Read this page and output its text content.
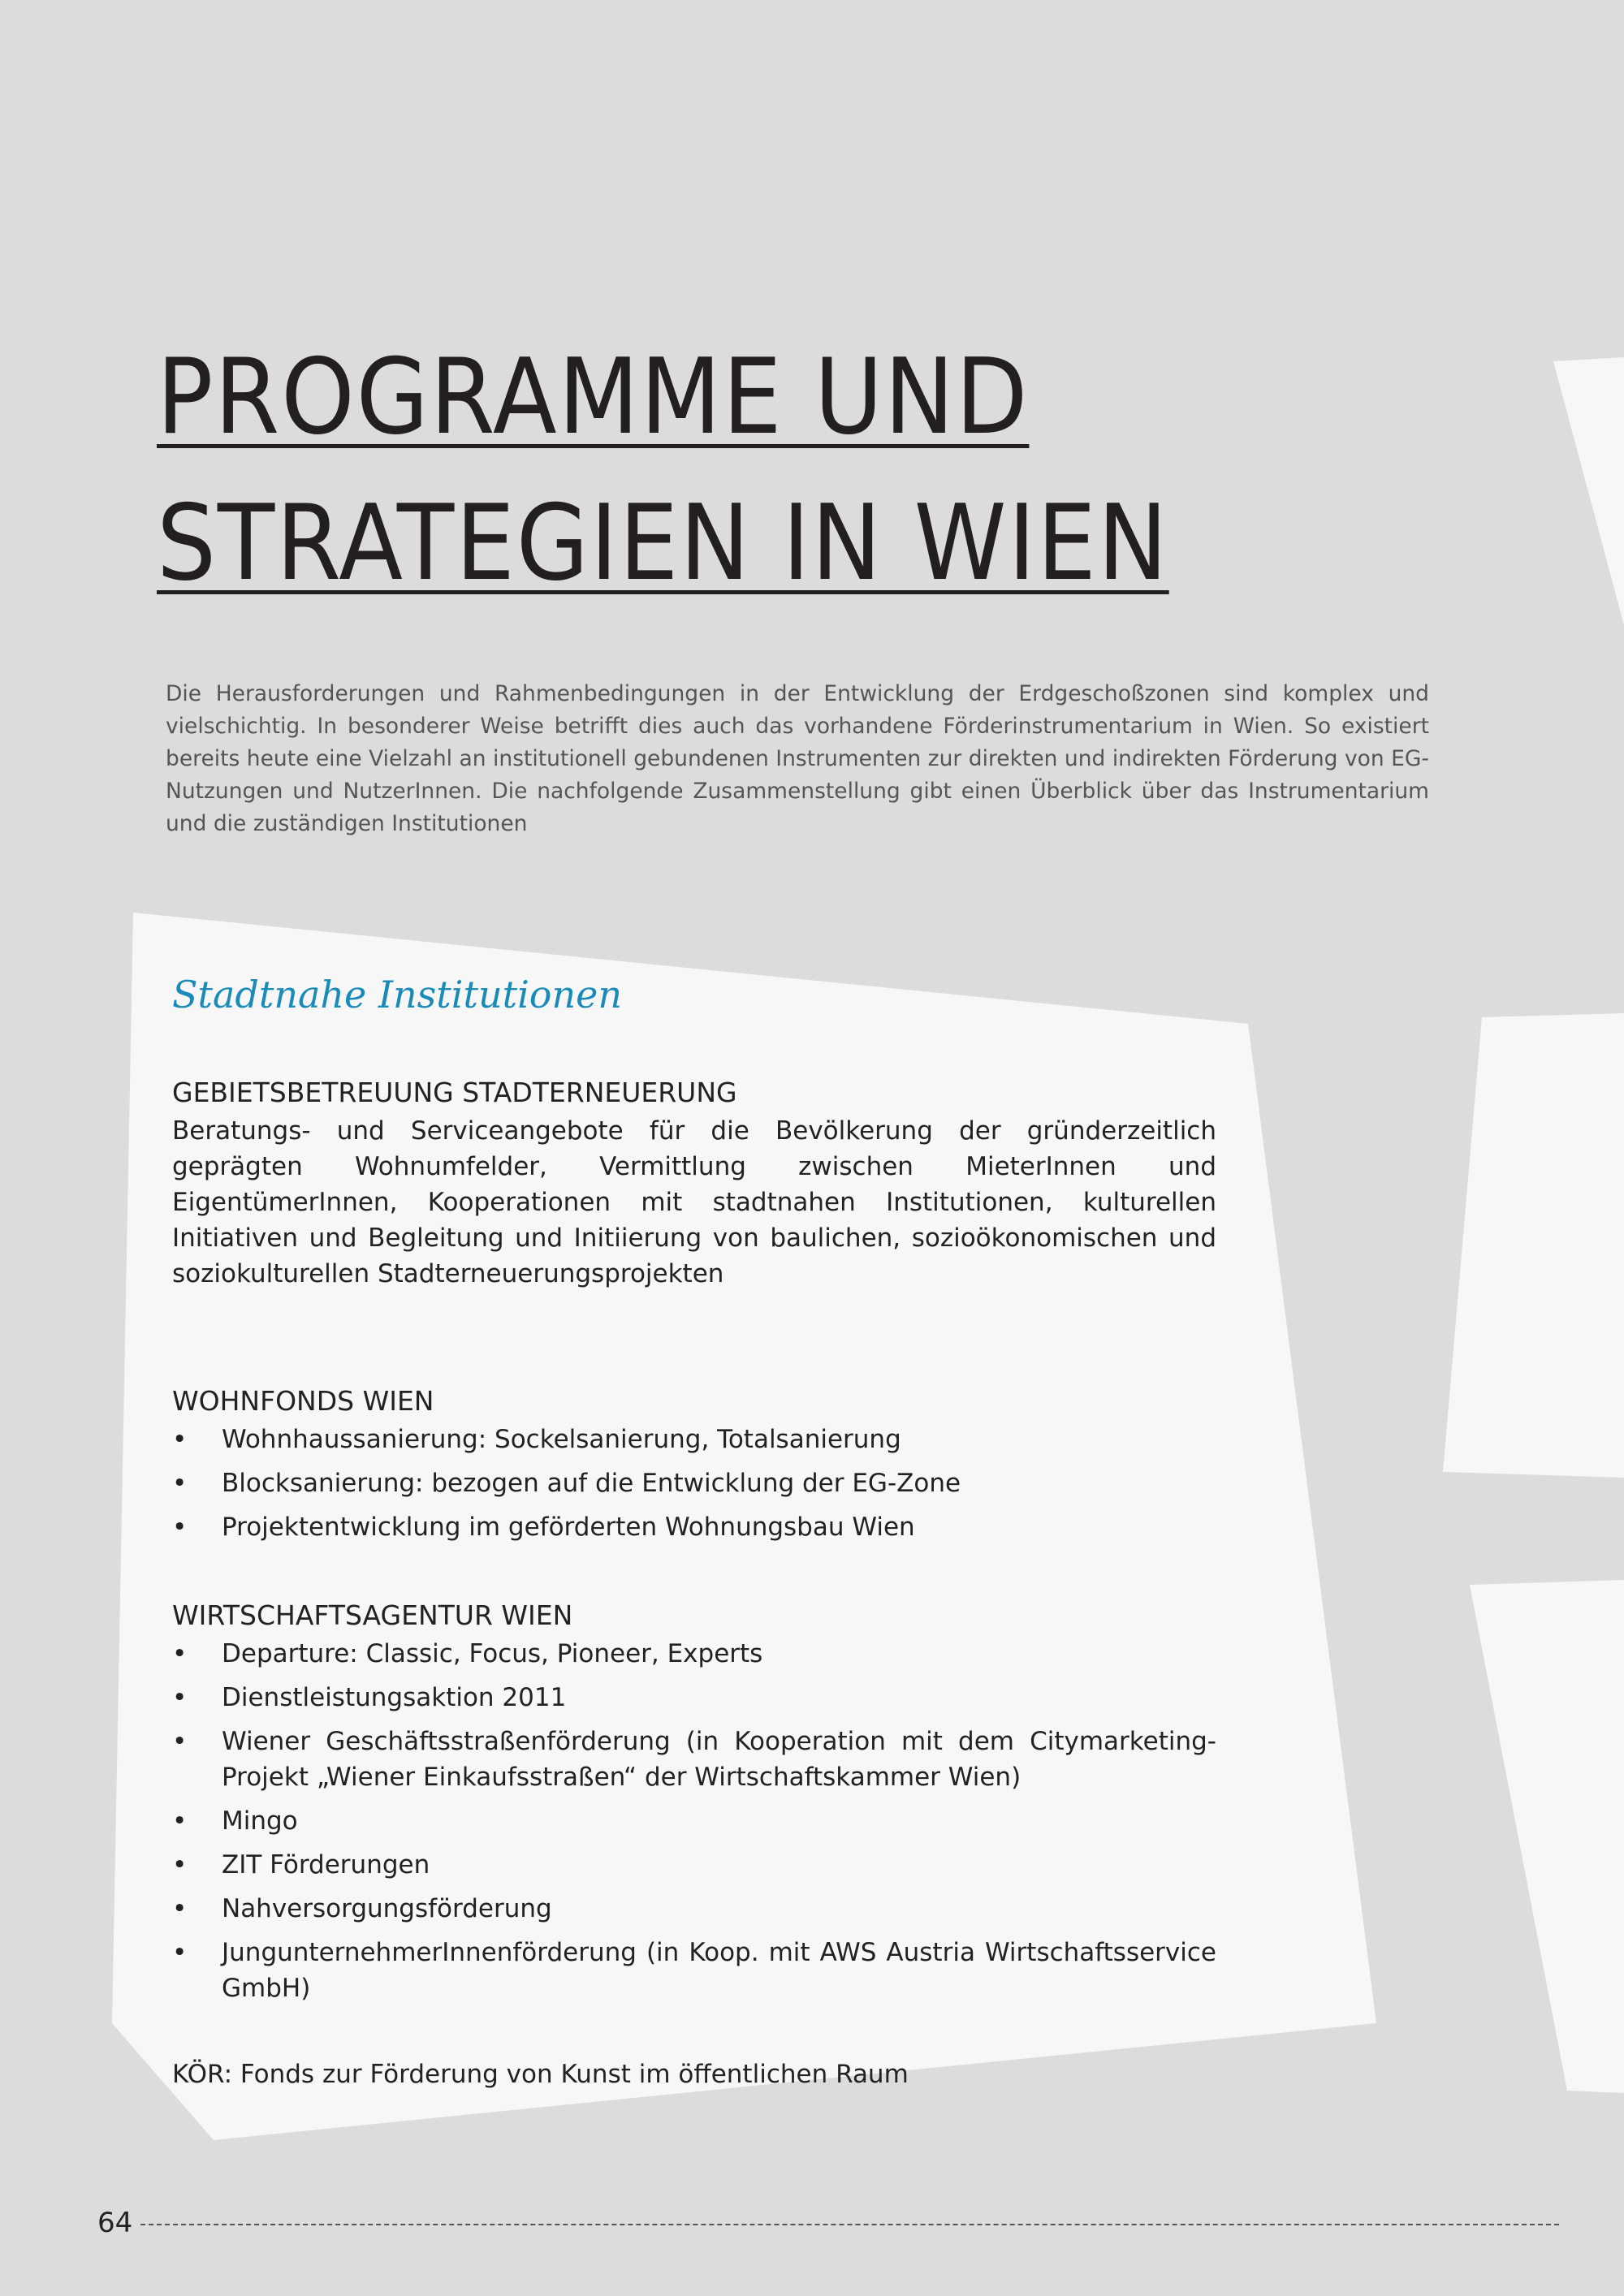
PROGRAMME UND
STRATEGIEN IN WIEN

Die Herausforderungen und Rahmenbedingungen in der Entwicklung der Erdgeschoßzonen sind komplex und vielschichtig. In besonderer Weise betrifft dies auch das vorhandene Förderinstrumentarium in Wien. So existiert bereits heute eine Vielzahl an institutionell gebundenen Instrumenten zur direkten und indirekten Förderung von EG-Nutzungen und NutzerInnen. Die nachfolgende Zusammenstellung gibt einen Überblick über das Instrumentarium und die zuständigen Institutionen

Stadtnahe Institutionen
GEBIETSBETREUUNG STADTERNEUERUNG

Beratungs- und Serviceangebote für die Bevölkerung der gründerzeitlich geprägten Wohnumfelder, Vermittlung zwischen MieterInnen und EigentümerInnen, Kooperationen mit stadtnahen Institutionen, kulturellen Initiativen und Begleitung und Initiierung von baulichen, sozioökonomischen und soziokulturellen Stadterneuerungsprojekten

WOHNFONDS WIEN
• Wohnhaussanierung: Sockelsanierung, Totalsanierung
• Blocksanierung: bezogen auf die Entwicklung der EG-Zone
• Projektentwicklung im geförderten Wohnungsbau Wien
WIRTSCHAFTSAGENTUR WIEN
• Departure: Classic, Focus, Pioneer, Experts
• Dienstleistungsaktion 2011
• Wiener Geschäftsstraßenförderung (in Kooperation mit dem Citymarketing-Projekt „Wiener Einkaufsstraßen“ der Wirtschaftskammer Wien)
• Mingo
• ZIT Förderungen
• Nahversorgungsförderung
• JungunternehmerInnenförderung (in Koop. mit AWS Austria Wirtschaftsservice GmbH)

KÖR: Fonds zur Förderung von Kunst im öffentlichen Raum

64
